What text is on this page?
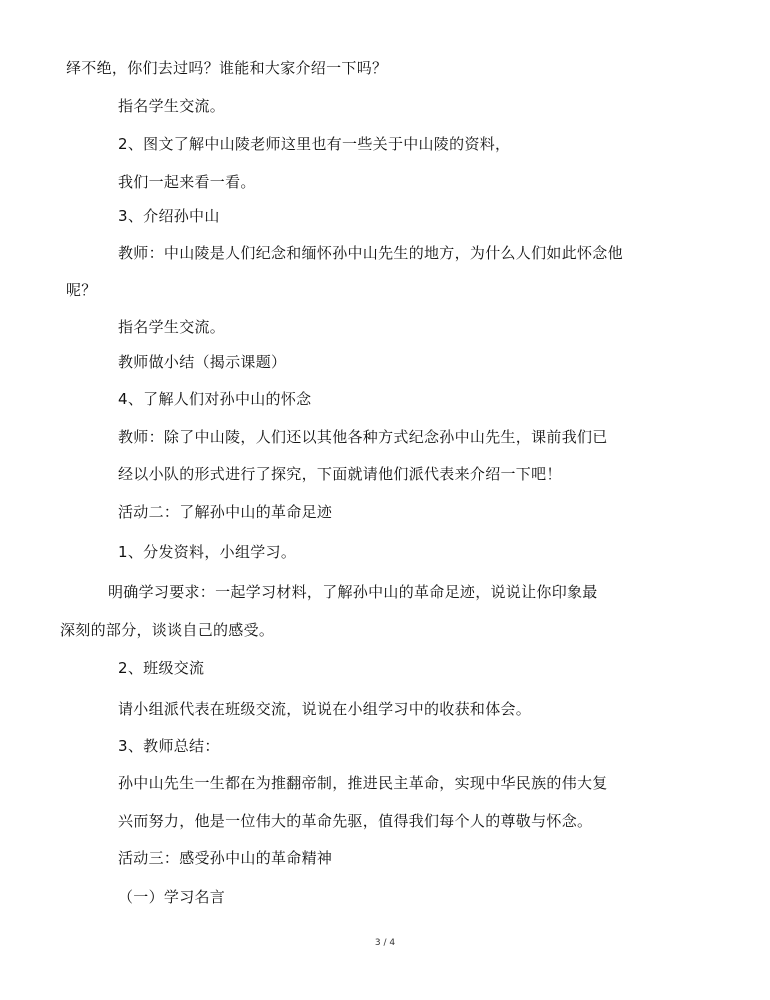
绎不绝，你们去过吗？谁能和大家介绍一下吗？
指名学生交流。
2、图文了解中山陵老师这里也有一些关于中山陵的资料，
我们一起来看一看。
3、介绍孙中山
教师：中山陵是人们纪念和缅怀孙中山先生的地方，为什么人们如此怀念他
呢？
指名学生交流。
教师做小结（揭示课题）
4、了解人们对孙中山的怀念
教师：除了中山陵，人们还以其他各种方式纪念孙中山先生，课前我们已
经以小队的形式进行了探究，下面就请他们派代表来介绍一下吧！
活动二：了解孙中山的革命足迹
1、分发资料，小组学习。
明确学习要求：一起学习材料，了解孙中山的革命足迹，说说让你印象最
深刻的部分，谈谈自己的感受。
2、班级交流
请小组派代表在班级交流，说说在小组学习中的收获和体会。
3、教师总结：
孙中山先生一生都在为推翻帝制，推进民主革命，实现中华民族的伟大复
兴而努力，他是一位伟大的革命先驱，值得我们每个人的尊敬与怀念。
活动三：感受孙中山的革命精神
（一）学习名言
3 / 4
